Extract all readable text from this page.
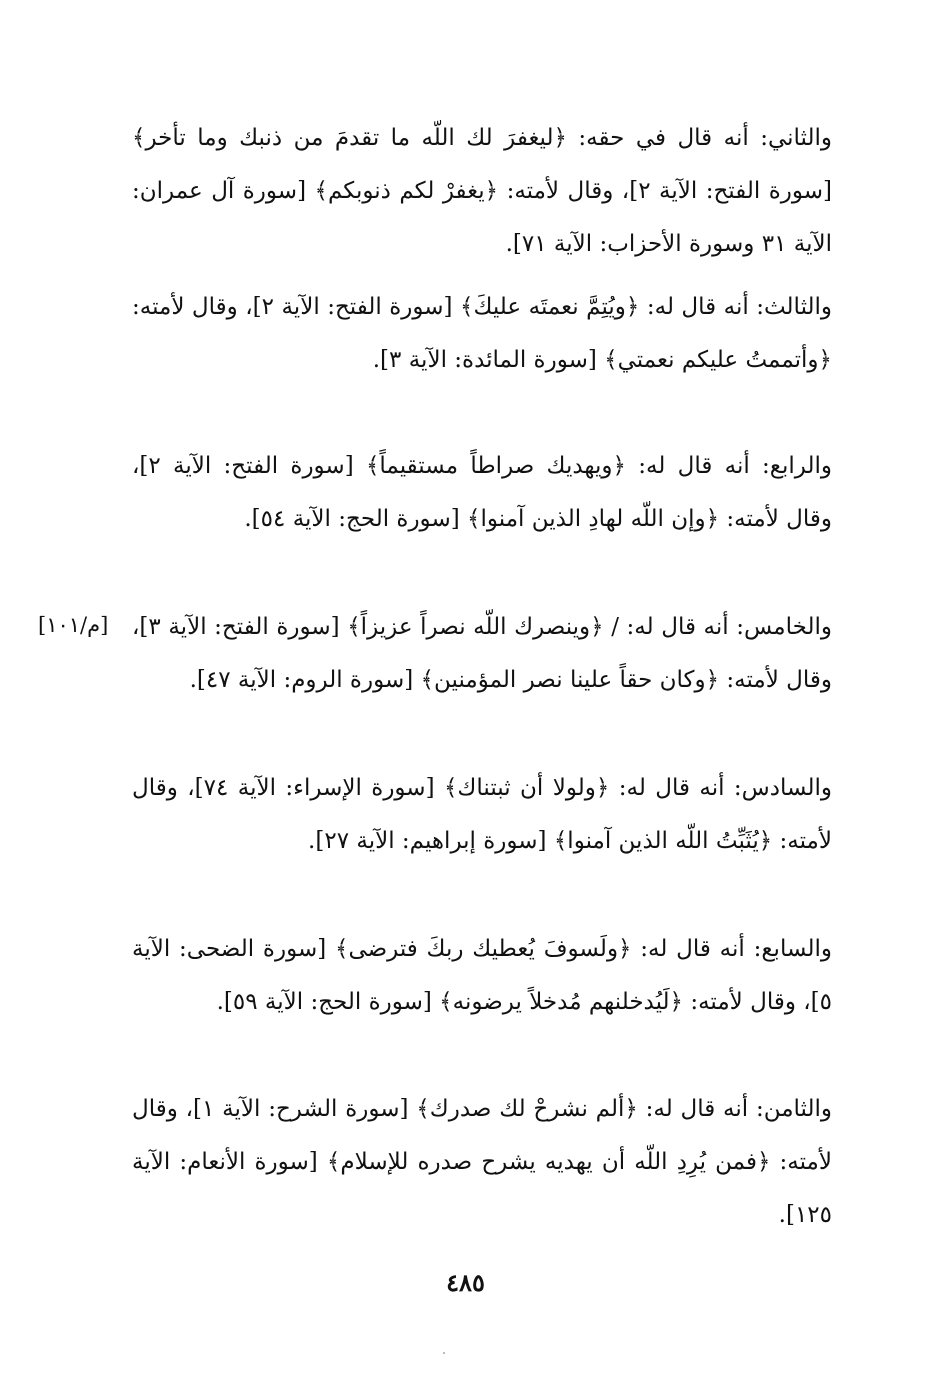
والثاني: أنه قال في حقه: ﴿ليغفرَ لك اللّه ما تقدمَ من ذنبك وما تأخر﴾ [سورة الفتح: الآية ٢]، وقال لأمته: ﴿يغفرْ لكم ذنوبكم﴾ [سورة آل عمران: الآية ٣١ وسورة الأحزاب: الآية ٧١].

والثالث: أنه قال له: ﴿ويُتِمَّ نعمتَه عليكَ﴾ [سورة الفتح: الآية ٢]، وقال لأمته: ﴿وأتممتُ عليكم نعمتي﴾ [سورة المائدة: الآية ٣].

والرابع: أنه قال له: ﴿ويهديك صراطاً مستقيماً﴾ [سورة الفتح: الآية ٢]، وقال لأمته: ﴿وإن اللّه لهادِ الذين آمنوا﴾ [سورة الحج: الآية ٥٤].

والخامس: أنه قال له: / ﴿وينصرك اللّه نصراً عزيزاً﴾ [سورة الفتح: الآية ٣]، وقال لأمته: ﴿وكان حقاً علينا نصر المؤمنين﴾ [سورة الروم: الآية ٤٧].

[م/١٠١]

والسادس: أنه قال له: ﴿ولولا أن ثبتناك﴾ [سورة الإسراء: الآية ٧٤]، وقال لأمته: ﴿يُثَبِّتُ اللّه الذين آمنوا﴾ [سورة إبراهيم: الآية ٢٧].

والسابع: أنه قال له: ﴿ولَسوفَ يُعطيك ربكَ فترضى﴾ [سورة الضحى: الآية ٥]، وقال لأمته: ﴿لَيُدخلنهم مُدخلاً يرضونه﴾ [سورة الحج: الآية ٥٩].

والثامن: أنه قال له: ﴿ألم نشرحْ لك صدرك﴾ [سورة الشرح: الآية ١]، وقال لأمته: ﴿فمن يُرِدِ اللّه أن يهديه يشرح صدره للإسلام﴾ [سورة الأنعام: الآية ١٢٥].

٤٨٥
